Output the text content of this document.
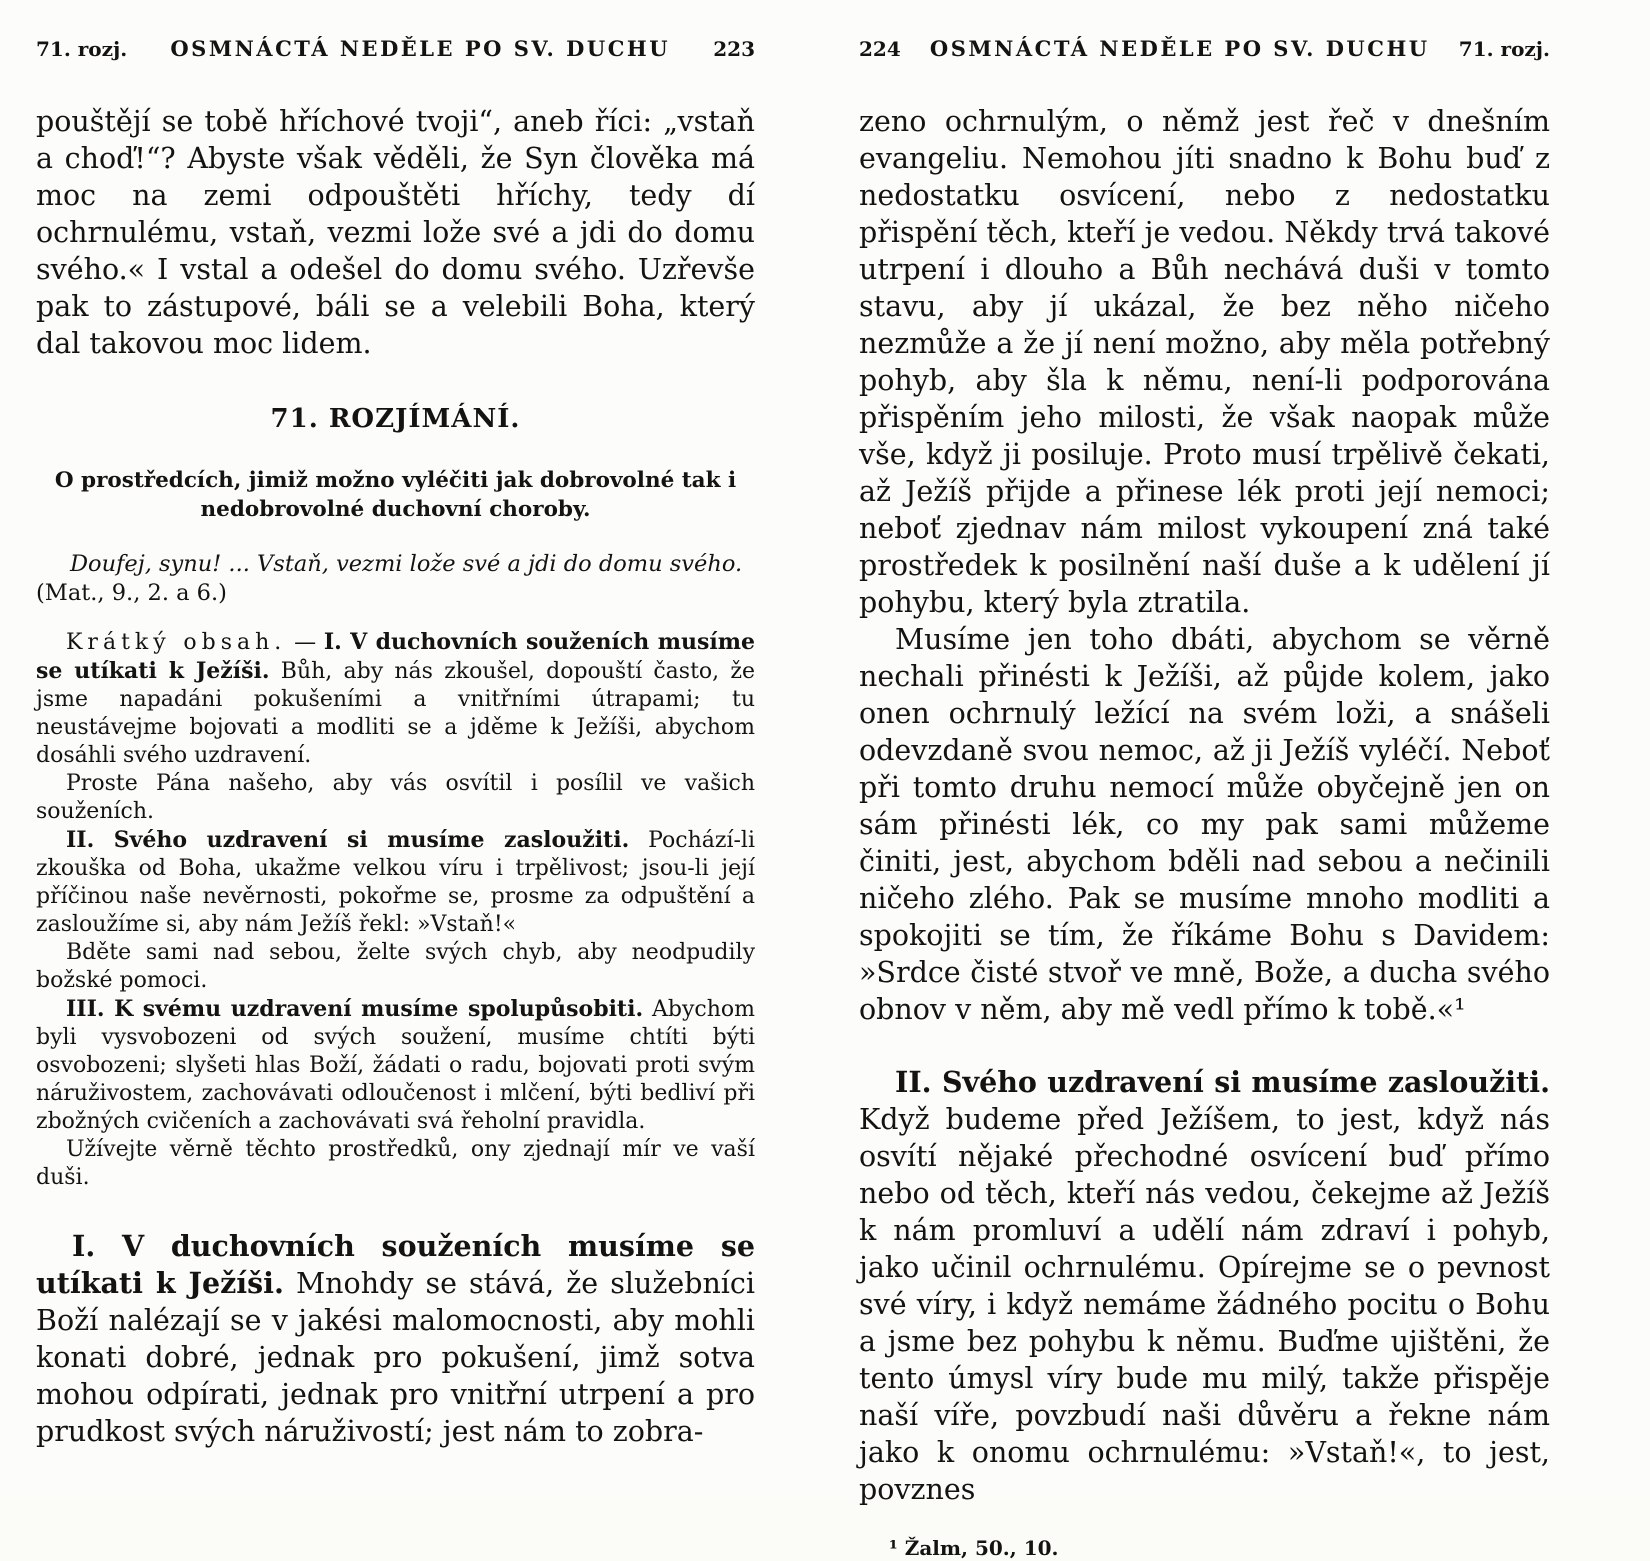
71. rozj. OSMNÁCTÁ NEDĚLE PO SV. DUCHU 223

pouštějí se tobě hříchové tvoji“, aneb říci: „vstaň a choď!“? Abyste však věděli, že Syn člověka má moc na zemi odpouštěti hříchy, tedy dí ochrnulému, vstaň, vezmi lože své a jdi do domu svého.« I vstal a odešel do domu svého. Uzřevše pak to zástupové, báli se a velebili Boha, který dal takovou moc lidem.

71. ROZJÍMÁNÍ.

O prostředcích, jimiž možno vyléčiti jak dobrovolné tak i nedobrovolné duchovní choroby.

Doufej, synu! ... Vstaň, vezmi lože své a jdi do domu svého. (Mat., 9., 2. a 6.)

Krátký obsah. — I. V duchovních souženích musíme se utíkati k Ježíši. Bůh, aby nás zkoušel, dopouští často, že jsme napadáni pokušeními a vnitřními útrapami; tu neustávejme bojovati a modliti se a jděme k Ježíši, abychom dosáhli svého uzdravení.

Proste Pána našeho, aby vás osvítil i posílil ve vašich souženích.

II. Svého uzdravení si musíme zasloužiti. Pochází-li zkouška od Boha, ukažme velkou víru i trpělivost; jsou-li její příčinou naše nevěrnosti, pokořme se, prosme za odpuštění a zasloužíme si, aby nám Ježíš řekl: »Vstaň!«

Bděte sami nad sebou, želte svých chyb, aby neodpudily božské pomoci.

III. K svému uzdravení musíme spolupůsobiti. Abychom byli vysvobozeni od svých soužení, musíme chtíti býti osvobozeni; slyšeti hlas Boží, žádati o radu, bojovati proti svým náruživostem, zachovávati odloučenost i mlčení, býti bedliví při zbožných cvičeních a zachovávati svá řeholní pravidla.

Užívejte věrně těchto prostředků, ony zjednají mír ve vaší duši.

I. V duchovních souženích musíme se utíkati k Ježíši. Mnohdy se stává, že služebníci Boží nalézají se v jakési malomocnosti, aby mohli konati dobré, jednak pro pokušení, jimž sotva mohou odpírati, jednak pro vnitřní utrpení a pro prudkost svých náruživostí; jest nám to zobra-

224 OSMNÁCTÁ NEDĚLE PO SV. DUCHU 71. rozj.

zeno ochrnulým, o němž jest řeč v dnešním evangeliu. Nemohou jíti snadno k Bohu buď z nedostatku osvícení, nebo z nedostatku přispění těch, kteří je vedou. Někdy trvá takové utrpení i dlouho a Bůh nechává duši v tomto stavu, aby jí ukázal, že bez něho ničeho nezmůže a že jí není možno, aby měla potřebný pohyb, aby šla k němu, není-li podporována přispěním jeho milosti, že však naopak může vše, když ji posiluje. Proto musí trpělivě čekati, až Ježíš přijde a přinese lék proti její nemoci; neboť zjednav nám milost vykoupení zná také prostředek k posilnění naší duše a k udělení jí pohybu, který byla ztratila.

Musíme jen toho dbáti, abychom se věrně nechali přinésti k Ježíši, až půjde kolem, jako onen ochrnulý ležící na svém loži, a snášeli odevzdaně svou nemoc, až ji Ježíš vyléčí. Neboť při tomto druhu nemocí může obyčejně jen on sám přinésti lék, co my pak sami můžeme činiti, jest, abychom bděli nad sebou a nečinili ničeho zlého. Pak se musíme mnoho modliti a spokojiti se tím, že říkáme Bohu s Davidem: »Srdce čisté stvoř ve mně, Bože, a ducha svého obnov v něm, aby mě vedl přímo k tobě.«¹

II. Svého uzdravení si musíme zasloužiti. Když budeme před Ježíšem, to jest, když nás osvítí nějaké přechodné osvícení buď přímo nebo od těch, kteří nás vedou, čekejme až Ježíš k nám promluví a udělí nám zdraví i pohyb, jako učinil ochrnulému. Opírejme se o pevnost své víry, i když nemáme žádného pocitu o Bohu a jsme bez pohybu k němu. Buďme ujištěni, že tento úmysl víry bude mu milý, takže přispěje naší víře, povzbudí naši důvěru a řekne nám jako k onomu ochrnulému: »Vstaň!«, to jest, povznes

¹ Žalm, 50., 10.
